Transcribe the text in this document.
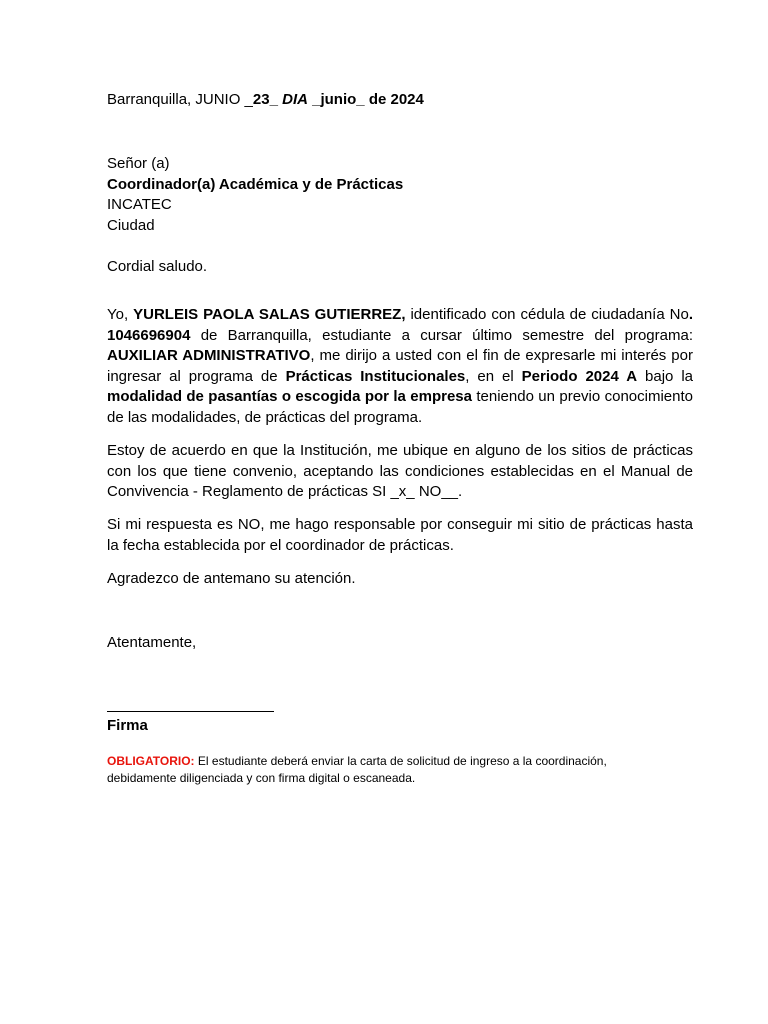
Barranquilla, JUNIO _23_ DIA _junio_ de 2024
Señor (a)
Coordinador(a) Académica y de Prácticas
INCATEC
Ciudad
Cordial saludo.
Yo, YURLEIS PAOLA SALAS GUTIERREZ, identificado con cédula de ciudadanía No. 1046696904 de Barranquilla, estudiante a cursar último semestre del programa: AUXILIAR ADMINISTRATIVO, me dirijo a usted con el fin de expresarle mi interés por ingresar al programa de Prácticas Institucionales, en el Periodo 2024 A bajo la modalidad de pasantías o escogida por la empresa teniendo un previo conocimiento de las modalidades, de prácticas del programa.
Estoy de acuerdo en que la Institución, me ubique en alguno de los sitios de prácticas con los que tiene convenio, aceptando las condiciones establecidas en el Manual de Convivencia - Reglamento de prácticas SI _x_ NO__.
Si mi respuesta es NO, me hago responsable por conseguir mi sitio de prácticas hasta la fecha establecida por el coordinador de prácticas.
Agradezco de antemano su atención.
Atentamente,
Firma
OBLIGATORIO: El estudiante deberá enviar la carta de solicitud de ingreso a la coordinación, debidamente diligenciada y con firma digital o escaneada.
